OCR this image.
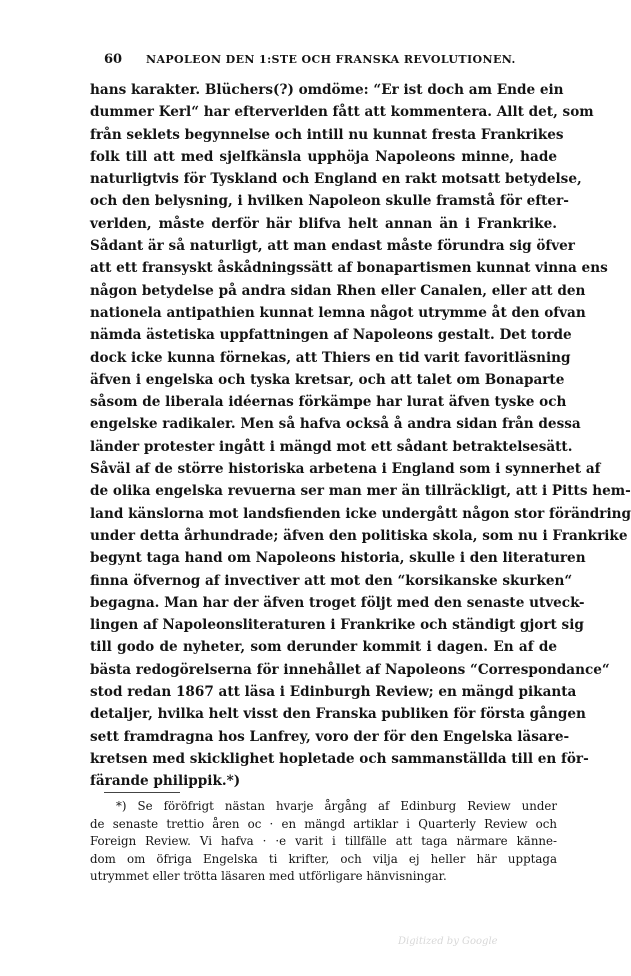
60 NAPOLEON DEN 1:STE OCH FRANSKA REVOLUTIONEN.
hans karakter. Blüchers(?) omdöme: “Er ist doch am Ende ein
dummer Kerl“ har efterverlden fått att kommentera. Allt det, som
från seklets begynnelse och intill nu kunnat fresta Frankrikes
folk till att med sjelfkänsla upphöja Napoleons minne, hade
naturligtvis för Tyskland och England en rakt motsatt betydelse,
och den belysning, i hvilken Napoleon skulle framstå för efter-
verlden, måste derför här blifva helt annan än i Frankrike.
Sådant är så naturligt, att man endast måste förundra sig öfver
att ett fransyskt åskådningssätt af bonapartismen kunnat vinna ens
någon betydelse på andra sidan Rhen eller Canalen, eller att den
nationela antipathien kunnat lemna något utrymme åt den ofvan
nämda ästetiska uppfattningen af Napoleons gestalt. Det torde
dock icke kunna förnekas, att Thiers en tid varit favoritläsning
äfven i engelska och tyska kretsar, och att talet om Bonaparte
såsom de liberala idéernas förkämpe har lurat äfven tyske och
engelske radikaler. Men så hafva också å andra sidan från dessa
länder protester ingått i mängd mot ett sådant betraktelsesätt.
Såväl af de större historiska arbetena i England som i synnerhet af
de olika engelska revuerna ser man mer än tillräckligt, att i Pitts hem-
land känslorna mot landsfienden icke undergått någon stor förändring
under detta århundrade; äfven den politiska skola, som nu i Frankrike
begynt taga hand om Napoleons historia, skulle i den literaturen
finna öfvernog af invectiver att mot den “korsikanske skurken“
begagna. Man har der äfven troget följt med den senaste utveck-
lingen af Napoleonsliteraturen i Frankrike och ständigt gjort sig
till godo de nyheter, som derunder kommit i dagen. En af de
bästa redogörelserna för innehållet af Napoleons “Correspondance“
stod redan 1867 att läsa i Edinburgh Review; en mängd pikanta
detaljer, hvilka helt visst den Franska publiken för första gången
sett framdragna hos Lanfrey, voro der för den Engelska läsare-
kretsen med skicklighet hopletade och sammanställda till en för-
färande philippik.*)
*) Se föröfrigt nästan hvarje årgång af Edinburg Review under
de senaste trettio åren oc · en mängd artiklar i Quarterly Review och
Foreign Review. Vi hafva · ·e varit i tillfälle att taga närmare känne-
dom om öfriga Engelska ti krifter, och vilja ej heller här upptaga
utrymmet eller trötta läsaren med utförligare hänvisningar.
Digitized by Google
